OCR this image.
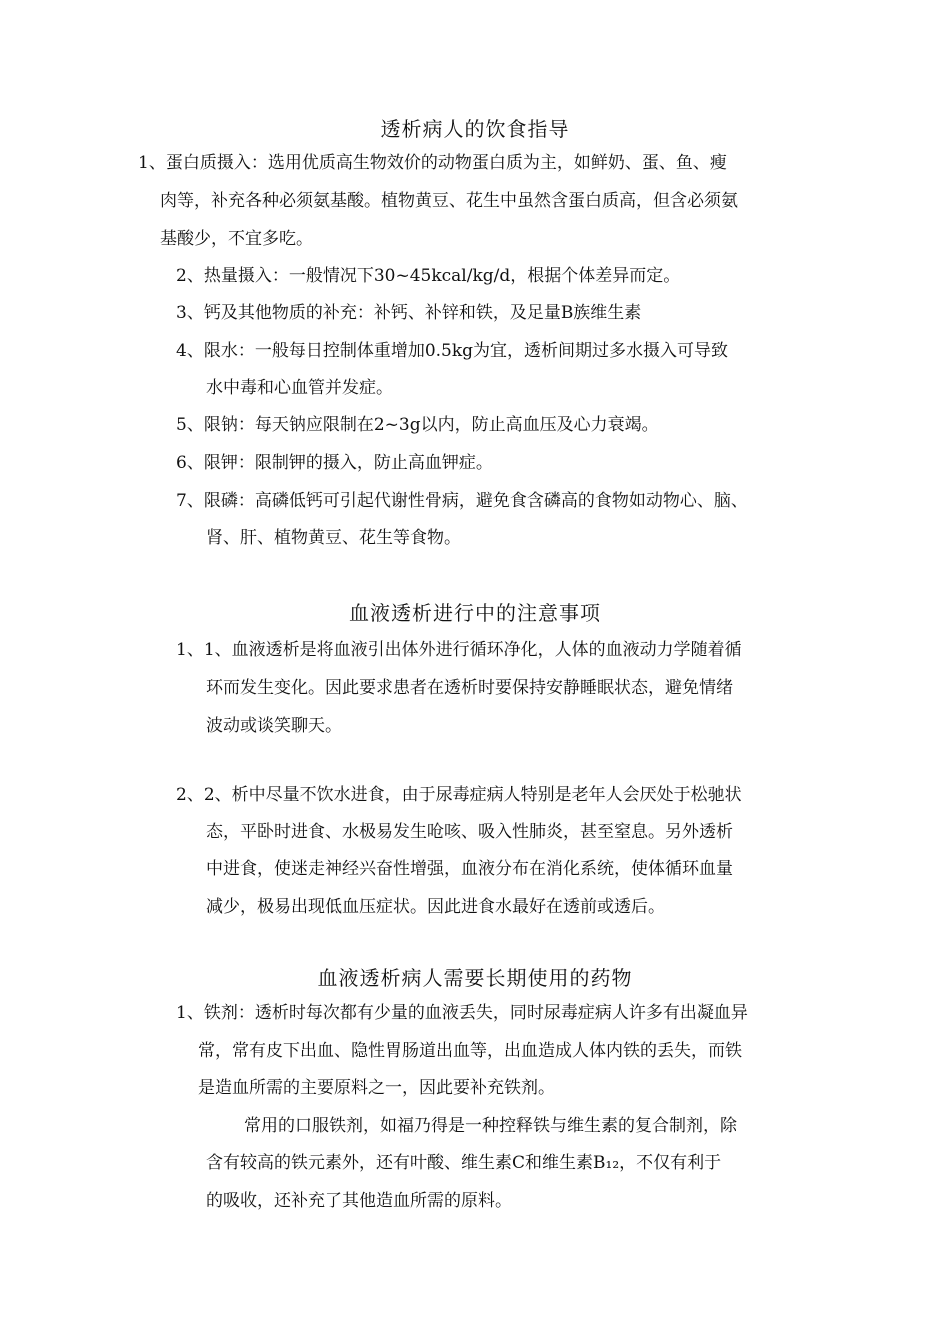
透析病人的饮食指导
1、蛋白质摄入：选用优质高生物效价的动物蛋白质为主，如鲜奶、蛋、鱼、瘦
肉等，补充各种必须氨基酸。植物黄豆、花生中虽然含蛋白质高，但含必须氨
基酸少，不宜多吃。
2、热量摄入：一般情况下30~45kcal/kg/d，根据个体差异而定。
3、钙及其他物质的补充：补钙、补锌和铁，及足量B族维生素
4、限水：一般每日控制体重增加0.5kg为宜，透析间期过多水摄入可导致
水中毒和心血管并发症。
5、限钠：每天钠应限制在2~3g以内，防止高血压及心力衰竭。
6、限钾：限制钾的摄入，防止高血钾症。
7、限磷：高磷低钙可引起代谢性骨病，避免食含磷高的食物如动物心、脑、
肾、肝、植物黄豆、花生等食物。
血液透析进行中的注意事项
1、1、血液透析是将血液引出体外进行循环净化，人体的血液动力学随着循
环而发生变化。因此要求患者在透析时要保持安静睡眠状态，避免情绪
波动或谈笑聊天。
2、2、析中尽量不饮水进食，由于尿毒症病人特别是老年人会厌处于松驰状
态，平卧时进食、水极易发生呛咳、吸入性肺炎，甚至窒息。另外透析
中进食，使迷走神经兴奋性增强，血液分布在消化系统，使体循环血量
减少，极易出现低血压症状。因此进食水最好在透前或透后。
血液透析病人需要长期使用的药物
1、铁剂：透析时每次都有少量的血液丢失，同时尿毒症病人许多有出凝血异
常，常有皮下出血、隐性胃肠道出血等，出血造成人体内铁的丢失，而铁
是造血所需的主要原料之一，因此要补充铁剂。
常用的口服铁剂，如福乃得是一种控释铁与维生素的复合制剂，除
含有较高的铁元素外，还有叶酸、维生素C和维生素B₁₂，不仅有利于
的吸收，还补充了其他造血所需的原料。
